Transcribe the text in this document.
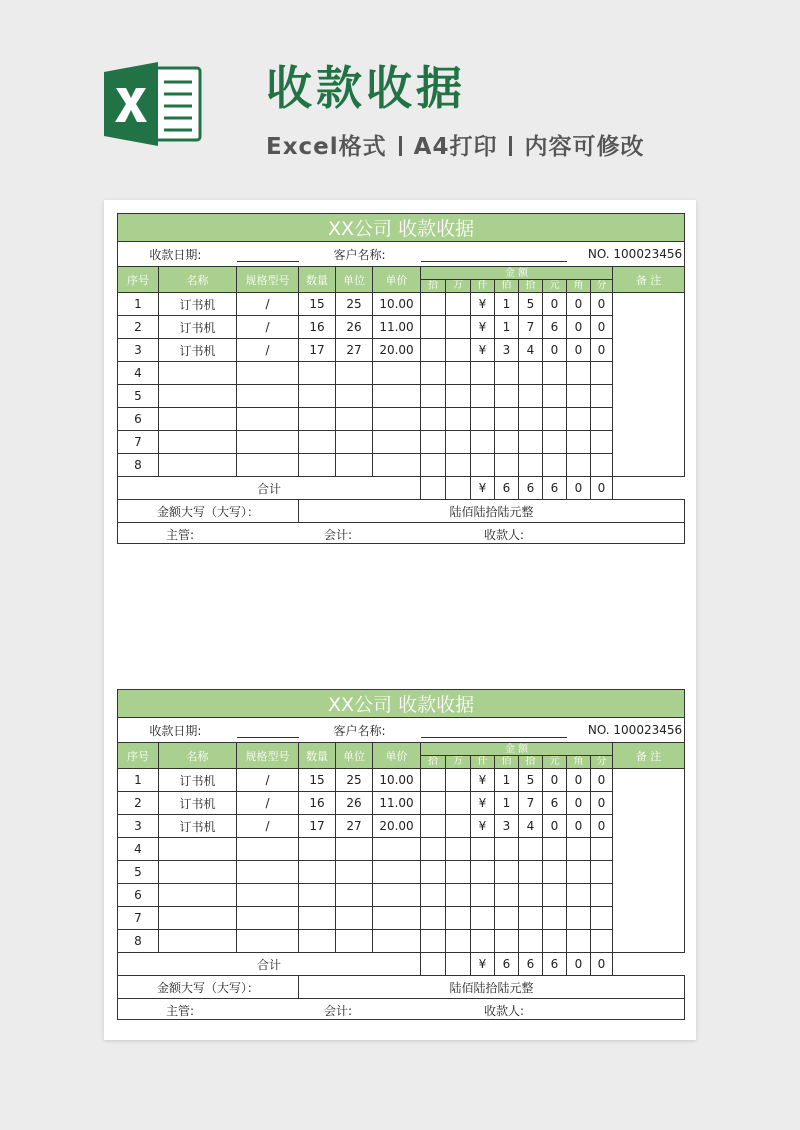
收款收据
Excel格式 A4打印 内容可修改
XX公司 收款收据														
收款日期:			客户名称:									NO. 100023456		
序号	名称	规格型号	数量	单位	单价	金 额								备 注
						拾	万	仟	佰	拾	元	角	分	
1	订书机	/	15	25	10.00			¥	1	5	0	0	0	
2	订书机	/	16	26	11.00			¥	1	7	6	0	0	
3	订书机	/	17	27	20.00			¥	3	4	0	0	0	
4														
5														
6														
7														
8														
合计								¥	6	6	6	0	0	
金额大写（大写）：			陆佰陆拾陆元整											

主管: 会计: 收款人:														
XX公司 收款收据														
收款日期:			客户名称:									NO. 100023456		
序号	名称	规格型号	数量	单位	单价	金 额								备 注
						拾	万	仟	佰	拾	元	角	分	
1	订书机	/	15	25	10.00			¥	1	5	0	0	0	
2	订书机	/	16	26	11.00			¥	1	7	6	0	0	
3	订书机	/	17	27	20.00			¥	3	4	0	0	0	
4														
5														
6														
7														
8														
合计								¥	6	6	6	0	0	
金额大写（大写）：			陆佰陆拾陆元整											

主管: 会计: 收款人:														
